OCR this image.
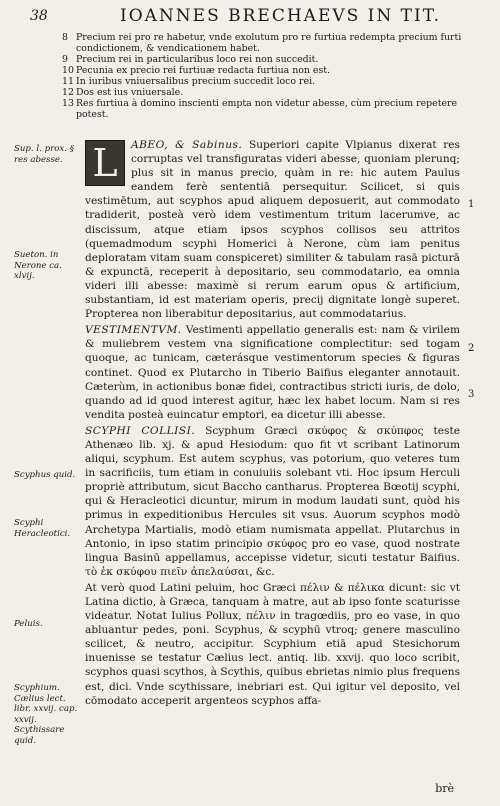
38	IOANNES BRECHAEVS IN TIT.
8 Precium rei pro re habetur, vnde exolutum pro re furtiua redempta precium furti condictionem, & vendicationem habet.
9 Precium rei in particularibus loco rei non succedit.
10 Pecunia ex precio rei furtiuæ redacta furtiua non est.
11 In iuribus vniuersalibus precium succedit loco rei.
12 Dos est ius vniuersale.
13 Res furtiua à domino inscienti empta non videtur abesse, cùm precium repetere potest.

L	ABEO, & Sabinus. Superiori capite Vlpianus dixerat res corruptas vel transfiguratas videri abesse, quoniam plerunq; plus sit in manus precio, quàm in re: hic autem Paulus eandem ferè sententiā persequitur. Scilicet, si quis vestimētum, aut scyphos apud aliquem deposuerit, aut commodato tradiderit, posteà verò idem vestimentum tritum lacerumve, ac discissum, atque etiam ipsos scyphos collisos seu attritos (quemadmodum scyphi Homerici à Nerone, cùm iam penitus deploratam vitam suam conspiceret) similiter & tabulam rasā picturā & expunctā, receperit à depositario, seu commodatario, ea omnia videri illi abesse: maximè si rerum earum opus & artificium, substantiam, id est materiam operis, precij dignitate longè superet. Propterea non liberabitur depositarius, aut commodatarius.

VESTIMENTVM. Vestimenti appellatio generalis est: nam & virilem & muliebrem vestem vna significatione complectitur: sed togam quoque, ac tunicam, cæterásque vestimentorum species & figuras continet. Quod ex Plutarcho in Tiberio Baifius eleganter annotauit. Cæterùm, in actionibus bonæ fidei, contractibus stricti iuris, de dolo, quando ad id quod interest agitur, hæc lex habet locum. Nam si res vendita posteà euincatur emptori, ea dicetur illi abesse.

SCYPHI COLLISI. Scyphum Græci σκύφος & σκύπφος teste Athenæo lib. xj. & apud Hesiodum: quo fit vt scribant Latinorum aliqui, scyphum. Est autem scyphus, vas potorium, quo veteres tum in sacrificiis, tum etiam in conuiuiis solebant vti. Hoc ipsum Herculi propriè attributum, sicut Baccho cantharus. Propterea Bœotij scyphi, qui & Heracleotici dicuntur, mirum in modum laudati sunt, quòd his primus in expeditionibus Hercules sit vsus. Auorum scyphos modò Archetypa Martialis, modò etiam numismata appellat. Plutarchus in Antonio, in ipso statim principio σκύφος pro eo vase, quod nostrate lingua Basinū appellamus, accepisse videtur, sicuti testatur Baifius. τὸ ἐκ σκύφου πιεῖν ἀπελαύσαι, &c.

At verò quod Latini peluim, hoc Græci πέλιν & πέλικα dicunt: sic vt Latina dictio, à Græca, tanquam à matre, aut ab ipso fonte scaturisse videatur. Notat Iulius Pollux, πέλιν in tragœdiis, pro eo vase, in quo abluantur pedes, poni. Scyphus, & scyphū vtroq; genere masculino scilicet, & neutro, accipitur. Scyphium etiā apud Stesichorum inuenisse se testatur Cælius lect. antiq. lib. xxvij. quo loco scribit, scyphos quasi scythos, à Scythis, quibus ebrietas nimio plus frequens est, dici. Vnde scythissare, inebriari est. Qui igitur vel deposito, vel cōmodato acceperit argenteos scyphos affa-

Sup. l. prox. § res abesse.
Sueton. in Nerone ca. xlvij.
Scyphus quid.
Scyphi Heracleotici.
Peluis.
Scyphium. Cælius lect. libr. xxvij. cap. xxvij. Scythissare quid.
1
2
3
brè
